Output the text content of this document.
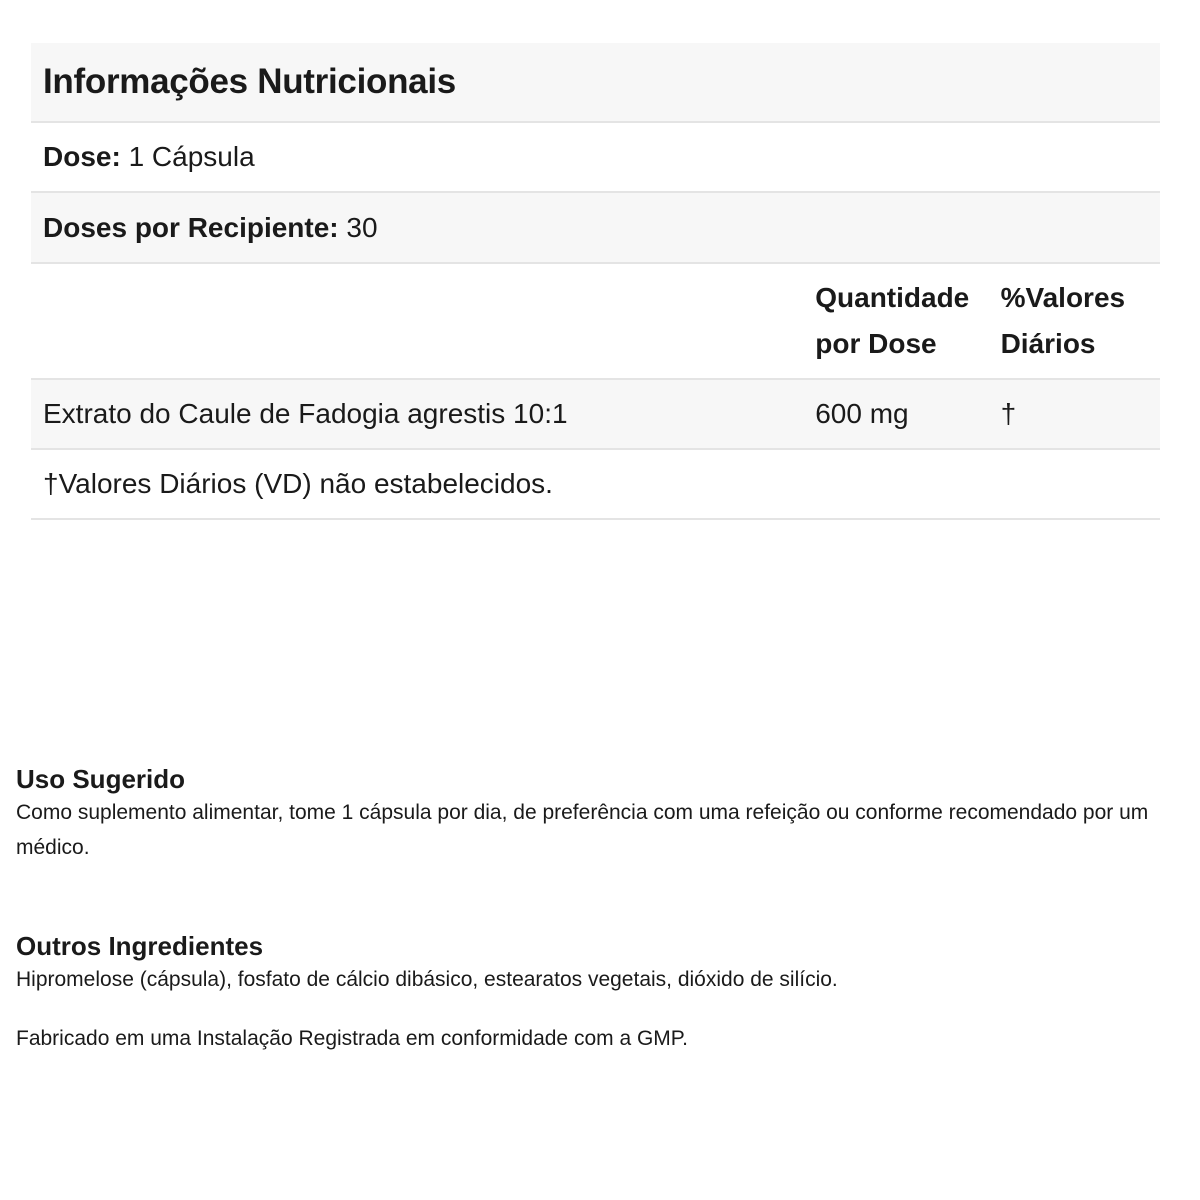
Informações Nutricionais
Dose: 1 Cápsula
Doses por Recipiente: 30
Quantidade
por Dose
%Valores
Diários
Extrato do Caule de Fadogia agrestis 10:1	600 mg	†
†Valores Diários (VD) não estabelecidos.
Uso Sugerido

Como suplemento alimentar, tome 1 cápsula por dia, de preferência com uma refeição ou conforme recomendado por um médico.

Outros Ingredientes

Hipromelose (cápsula), fosfato de cálcio dibásico, estearatos vegetais, dióxido de silício.

Fabricado em uma Instalação Registrada em conformidade com a GMP.
